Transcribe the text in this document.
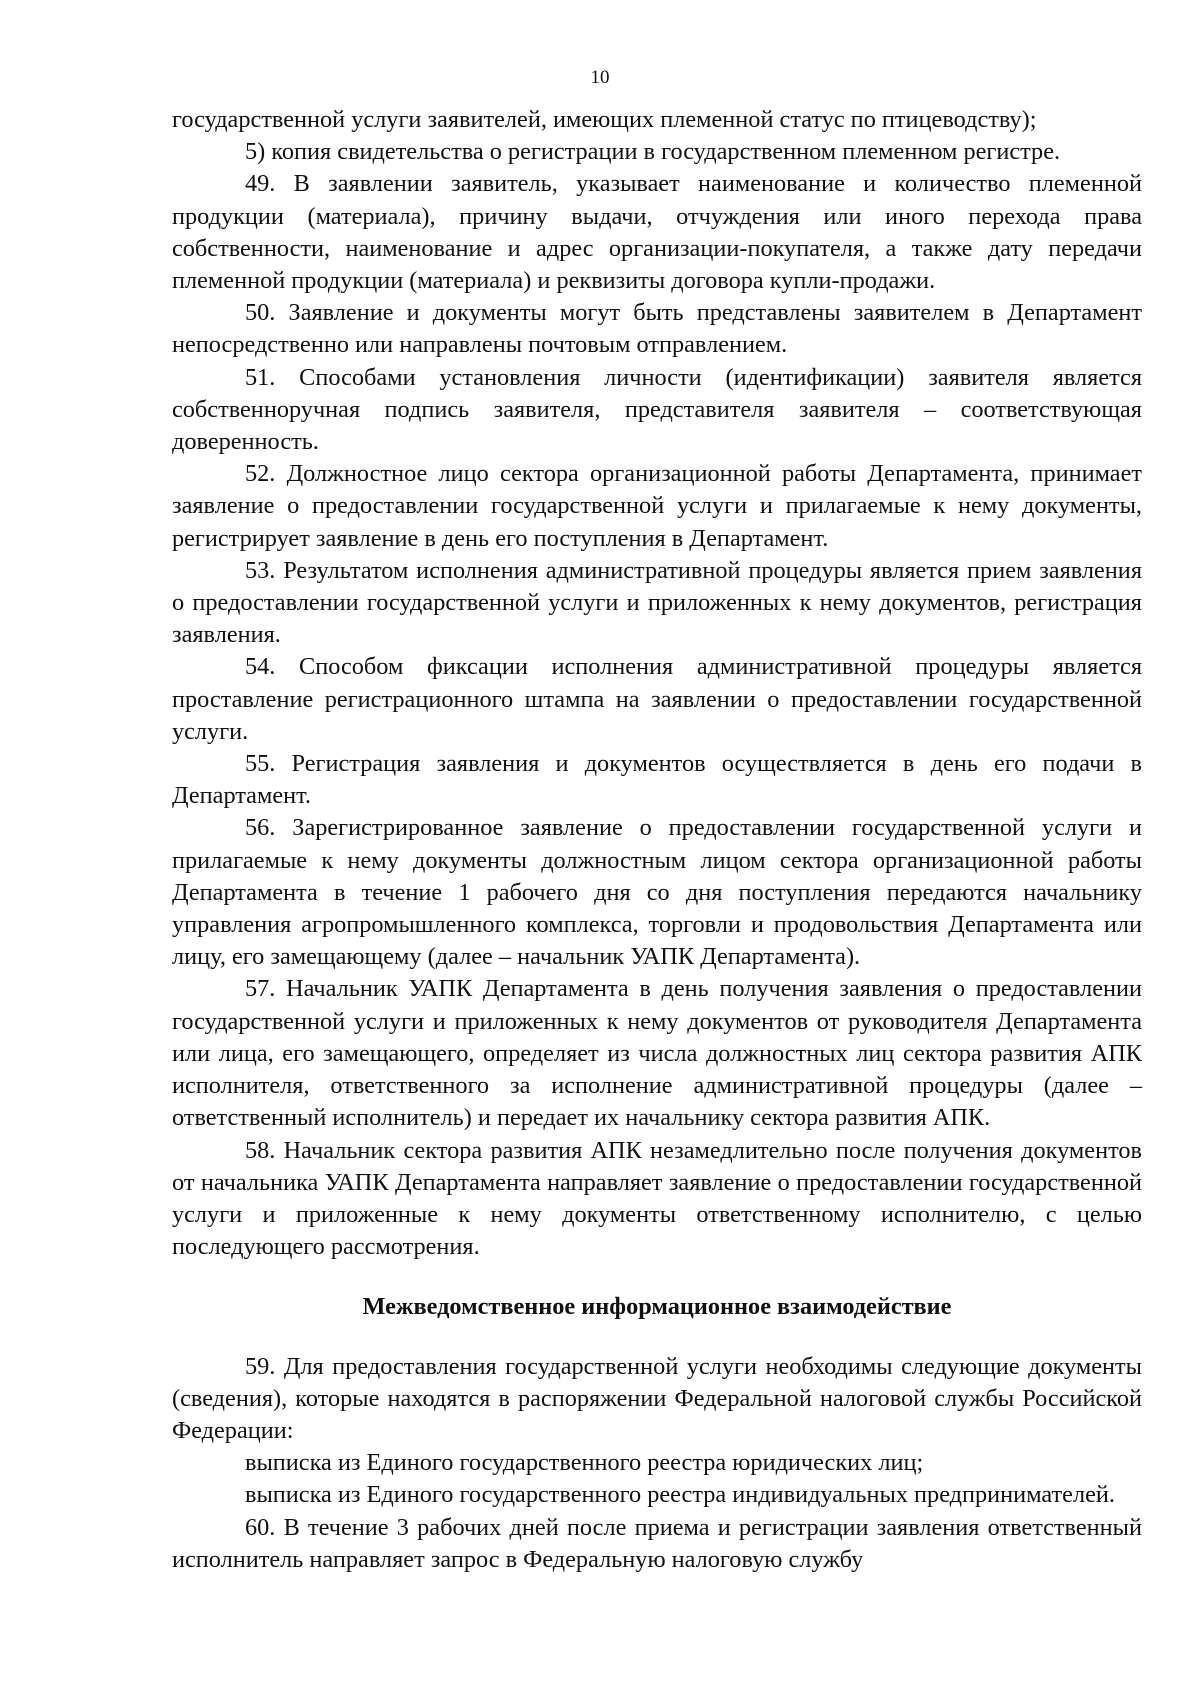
10

государственной услуги заявителей, имеющих племенной статус по птицеводству);

5) копия свидетельства о регистрации в государственном племенном регистре.

49. В заявлении заявитель, указывает наименование и количество племенной продукции (материала), причину выдачи, отчуждения или иного перехода права собственности, наименование и адрес организации-покупателя, а также дату передачи племенной продукции (материала) и реквизиты договора купли-продажи.

50. Заявление и документы могут быть представлены заявителем в Департамент непосредственно или направлены почтовым отправлением.

51. Способами установления личности (идентификации) заявителя является собственноручная подпись заявителя, представителя заявителя – соответствующая доверенность.

52. Должностное лицо сектора организационной работы Департамента, принимает заявление о предоставлении государственной услуги и прилагаемые к нему документы, регистрирует заявление в день его поступления в Департамент.

53. Результатом исполнения административной процедуры является прием заявления о предоставлении государственной услуги и приложенных к нему документов, регистрация заявления.

54. Способом фиксации исполнения административной процедуры является проставление регистрационного штампа на заявлении о предоставлении государственной услуги.

55. Регистрация заявления и документов осуществляется в день его подачи в Департамент.

56. Зарегистрированное заявление о предоставлении государственной услуги и прилагаемые к нему документы должностным лицом сектора организационной работы Департамента в течение 1 рабочего дня со дня поступления передаются начальнику управления агропромышленного комплекса, торговли и продовольствия Департамента или лицу, его замещающему (далее – начальник УАПК Департамента).

57. Начальник УАПК Департамента в день получения заявления о предоставлении государственной услуги и приложенных к нему документов от руководителя Департамента или лица, его замещающего, определяет из числа должностных лиц сектора развития АПК исполнителя, ответственного за исполнение административной процедуры (далее – ответственный исполнитель) и передает их начальнику сектора развития АПК.

58. Начальник сектора развития АПК незамедлительно после получения документов от начальника УАПК Департамента направляет заявление о предоставлении государственной услуги и приложенные к нему документы ответственному исполнителю, с целью последующего рассмотрения.

Межведомственное информационное взаимодействие

59. Для предоставления государственной услуги необходимы следующие документы (сведения), которые находятся в распоряжении Федеральной налоговой службы Российской Федерации:

выписка из Единого государственного реестра юридических лиц;

выписка из Единого государственного реестра индивидуальных предпринимателей.

60. В течение 3 рабочих дней после приема и регистрации заявления ответственный исполнитель направляет запрос в Федеральную налоговую службу
